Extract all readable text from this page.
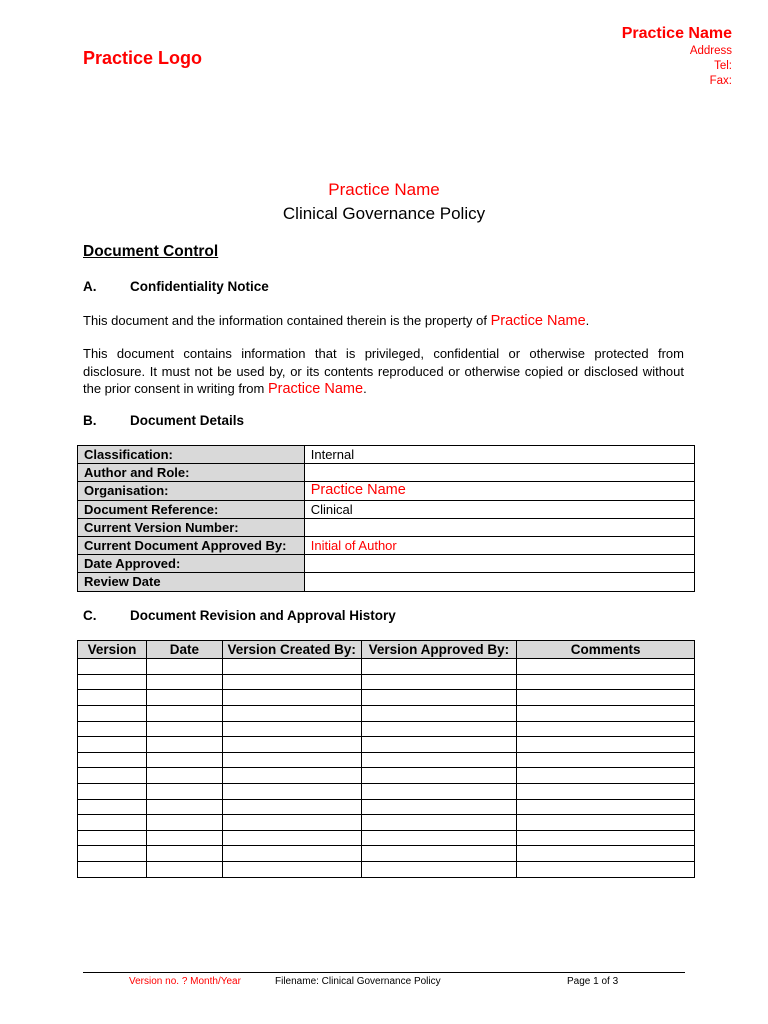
Practice Logo
Practice Name
Address
Tel:
Fax:
Practice Name
Clinical Governance Policy
Document Control
A. Confidentiality Notice
This document and the information contained therein is the property of Practice Name.
This document contains information that is privileged, confidential or otherwise protected from disclosure. It must not be used by, or its contents reproduced or otherwise copied or disclosed without the prior consent in writing from Practice Name.
B. Document Details
Classification:	Internal
Author and Role:	
Organisation:	Practice Name
Document Reference:	Clinical
Current Version Number:	
Current Document Approved By:	Initial of Author
Date Approved:	
Review Date	
C. Document Revision and Approval History
Version	Date	Version Created By:	Version Approved By:	Comments

Version no. ? Month/Year	Filename: Clinical Governance Policy	Page 1 of 3
